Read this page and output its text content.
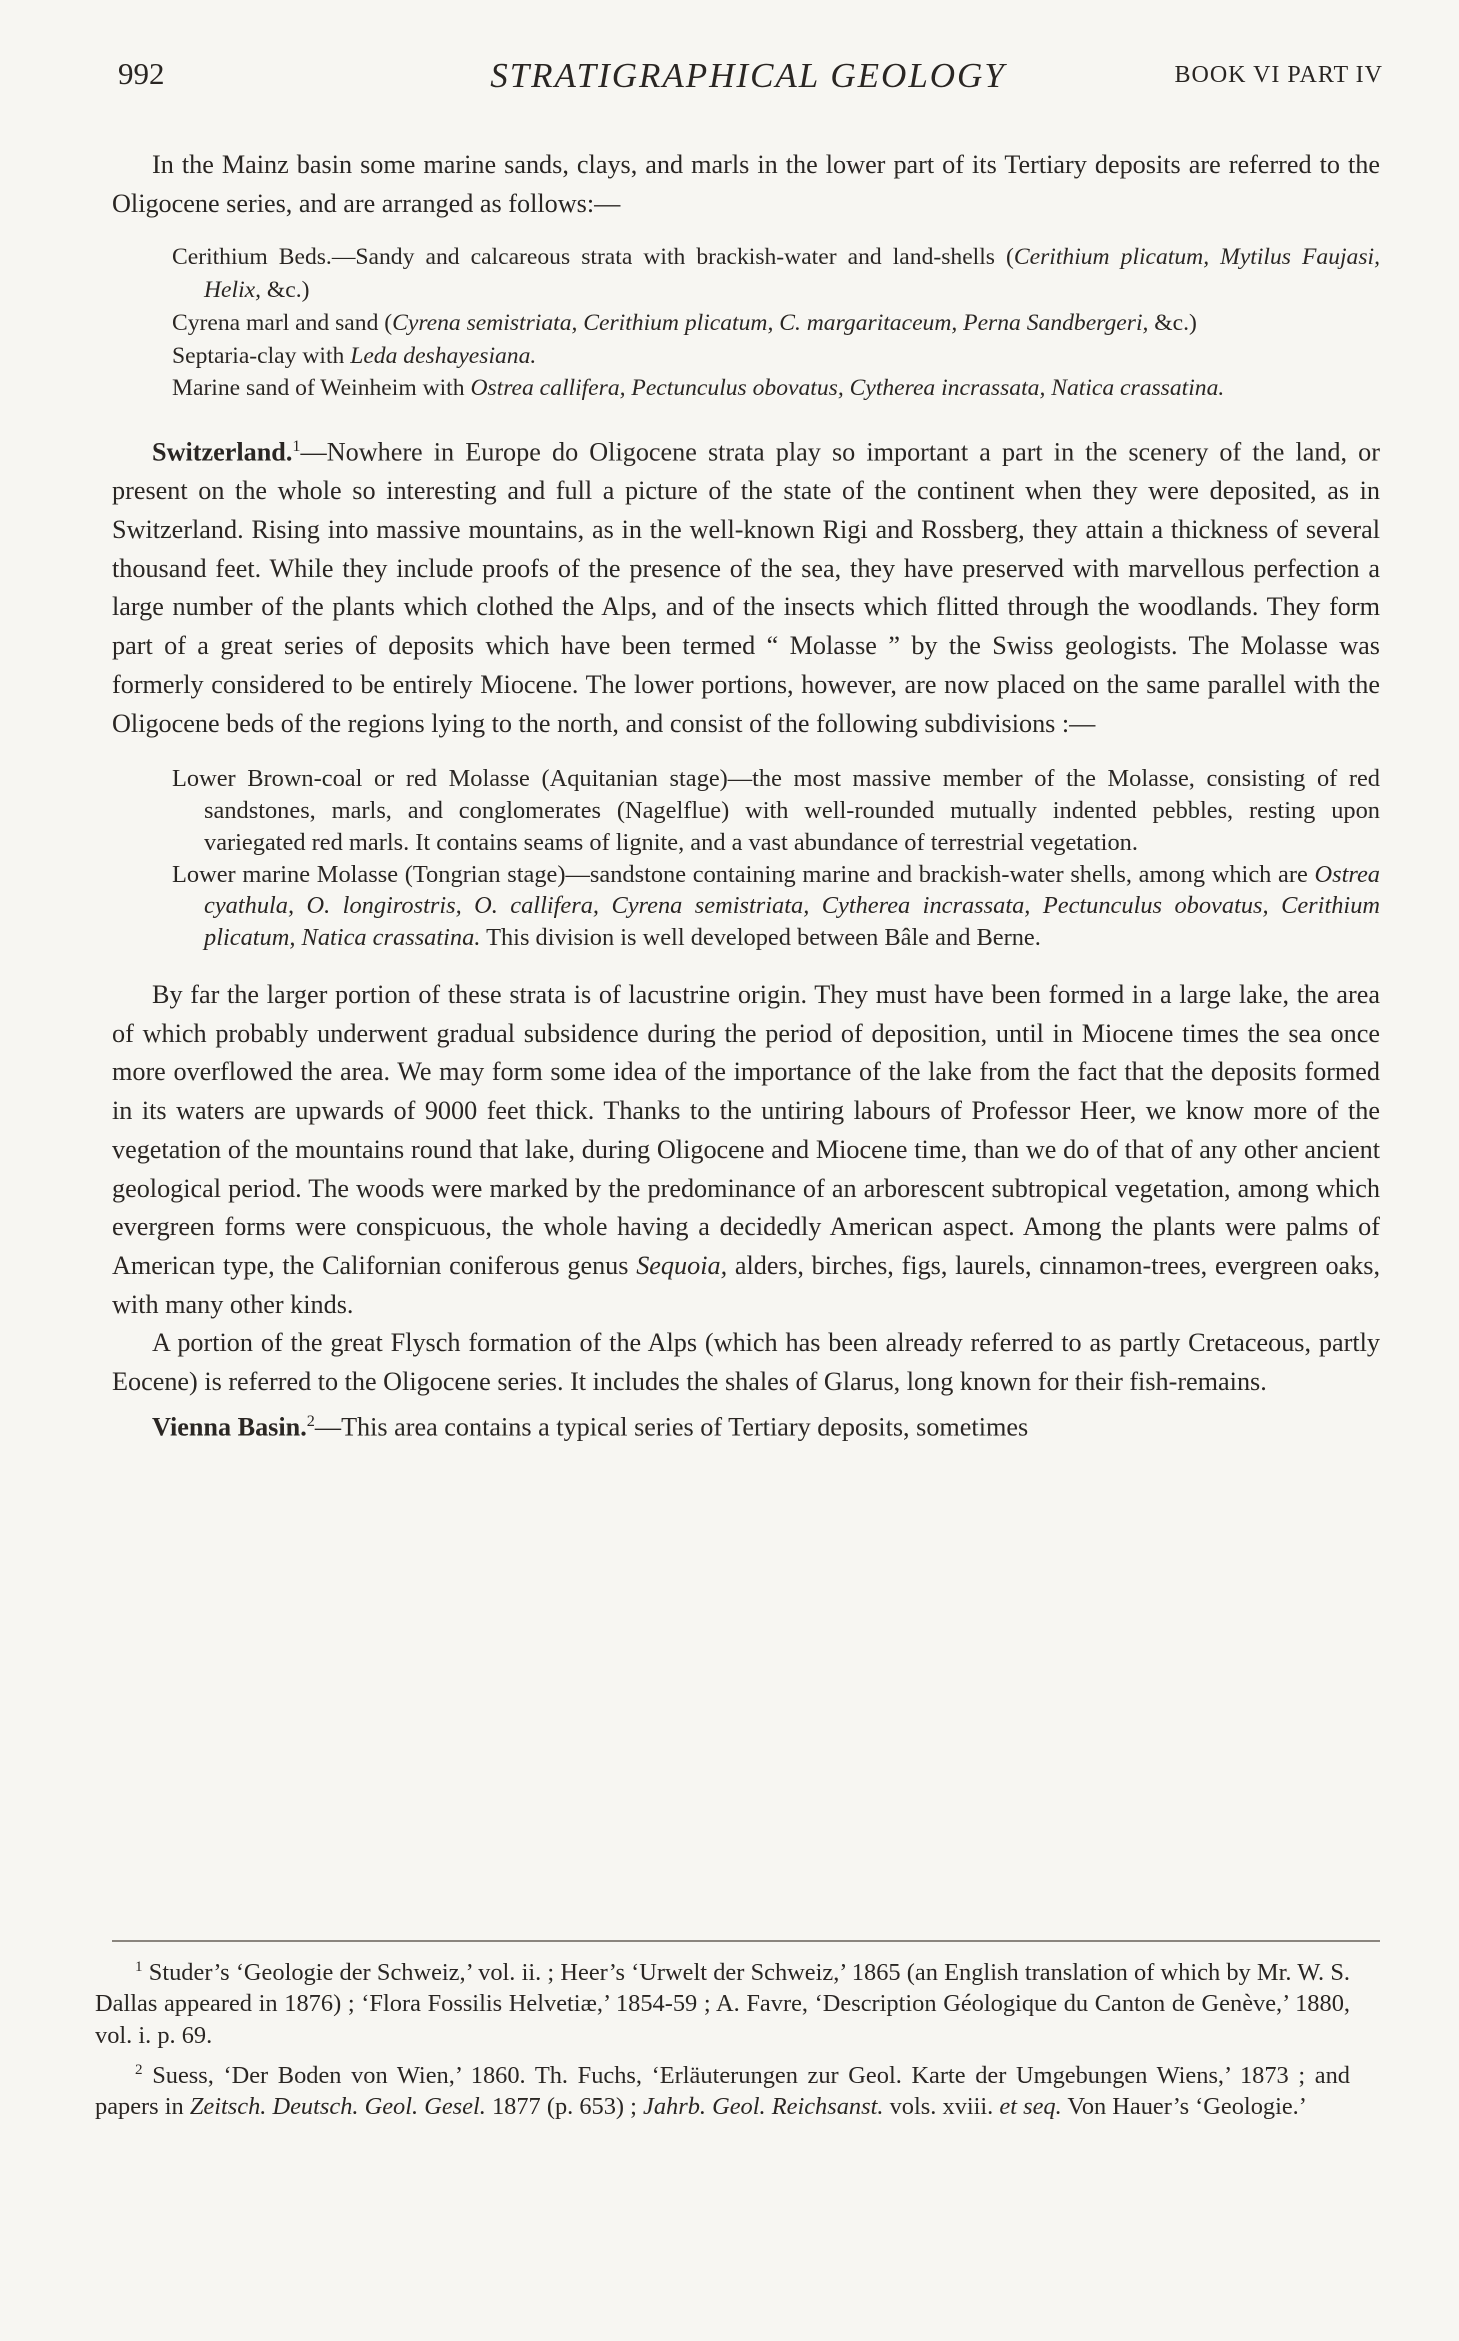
992	STRATIGRAPHICAL GEOLOGY	BOOK VI PART IV

In the Mainz basin some marine sands, clays, and marls in the lower part of its Tertiary deposits are referred to the Oligocene series, and are arranged as follows:—

Cerithium Beds.—Sandy and calcareous strata with brackish-water and land-shells (Cerithium plicatum, Mytilus Faujasi, Helix, &c.)

Cyrena marl and sand (Cyrena semistriata, Cerithium plicatum, C. margaritaceum, Perna Sandbergeri, &c.)

Septaria-clay with Leda deshayesiana.

Marine sand of Weinheim with Ostrea callifera, Pectunculus obovatus, Cytherea incrassata, Natica crassatina.

Switzerland.$^1$—Nowhere in Europe do Oligocene strata play so important a part in the scenery of the land, or present on the whole so interesting and full a picture of the state of the continent when they were deposited, as in Switzerland. Rising into massive mountains, as in the well-known Rigi and Rossberg, they attain a thickness of several thousand feet. While they include proofs of the presence of the sea, they have preserved with marvellous perfection a large number of the plants which clothed the Alps, and of the insects which flitted through the woodlands. They form part of a great series of deposits which have been termed “ Molasse ” by the Swiss geologists. The Molasse was formerly considered to be entirely Miocene. The lower portions, however, are now placed on the same parallel with the Oligocene beds of the regions lying to the north, and consist of the following subdivisions :—

Lower Brown-coal or red Molasse (Aquitanian stage)—the most massive member of the Molasse, consisting of red sandstones, marls, and conglomerates (Nagelflue) with well-rounded mutually indented pebbles, resting upon variegated red marls. It contains seams of lignite, and a vast abundance of terrestrial vegetation.

Lower marine Molasse (Tongrian stage)—sandstone containing marine and brackish-water shells, among which are Ostrea cyathula, O. longirostris, O. callifera, Cyrena semistriata, Cytherea incrassata, Pectunculus obovatus, Cerithium plicatum, Natica crassatina. This division is well developed between Bâle and Berne.

By far the larger portion of these strata is of lacustrine origin. They must have been formed in a large lake, the area of which probably underwent gradual subsidence during the period of deposition, until in Miocene times the sea once more overflowed the area. We may form some idea of the importance of the lake from the fact that the deposits formed in its waters are upwards of 9000 feet thick. Thanks to the untiring labours of Professor Heer, we know more of the vegetation of the mountains round that lake, during Oligocene and Miocene time, than we do of that of any other ancient geological period. The woods were marked by the predominance of an arborescent subtropical vegetation, among which evergreen forms were conspicuous, the whole having a decidedly American aspect. Among the plants were palms of American type, the Californian coniferous genus Sequoia, alders, birches, figs, laurels, cinnamon-trees, evergreen oaks, with many other kinds.

A portion of the great Flysch formation of the Alps (which has been already referred to as partly Cretaceous, partly Eocene) is referred to the Oligocene series. It includes the shales of Glarus, long known for their fish-remains.

Vienna Basin.$^2$—This area contains a typical series of Tertiary deposits, sometimes

$^1$ Studer’s ‘Geologie der Schweiz,’ vol. ii. ; Heer’s ‘Urwelt der Schweiz,’ 1865 (an English translation of which by Mr. W. S. Dallas appeared in 1876) ; ‘Flora Fossilis Helvetiæ,’ 1854-59 ; A. Favre, ‘Description Géologique du Canton de Genève,’ 1880, vol. i. p. 69.

$^2$ Suess, ‘Der Boden von Wien,’ 1860. Th. Fuchs, ‘Erläuterungen zur Geol. Karte der Umgebungen Wiens,’ 1873 ; and papers in Zeitsch. Deutsch. Geol. Gesel. 1877 (p. 653) ; Jahrb. Geol. Reichsanst. vols. xviii. et seq. Von Hauer’s ‘Geologie.’
